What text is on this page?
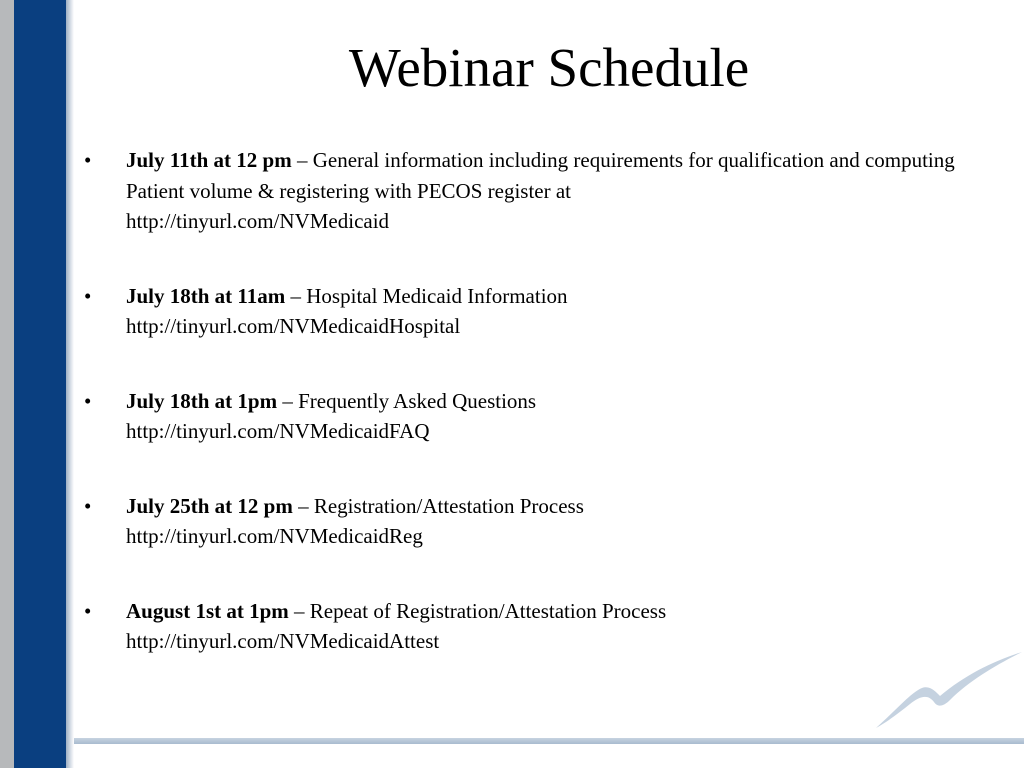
Webinar Schedule
•	July 11th at 12 pm – General information including requirements for qualification and computing Patient volume & registering with PECOS register at
http://tinyurl.com/NVMedicaid
•	July 18th at 11am – Hospital Medicaid Information
http://tinyurl.com/NVMedicaidHospital
•	July 18th at 1pm – Frequently Asked Questions
http://tinyurl.com/NVMedicaidFAQ
•	July 25th at 12 pm – Registration/Attestation Process
http://tinyurl.com/NVMedicaidReg
•	August 1st at 1pm – Repeat of Registration/Attestation Process
http://tinyurl.com/NVMedicaidAttest
